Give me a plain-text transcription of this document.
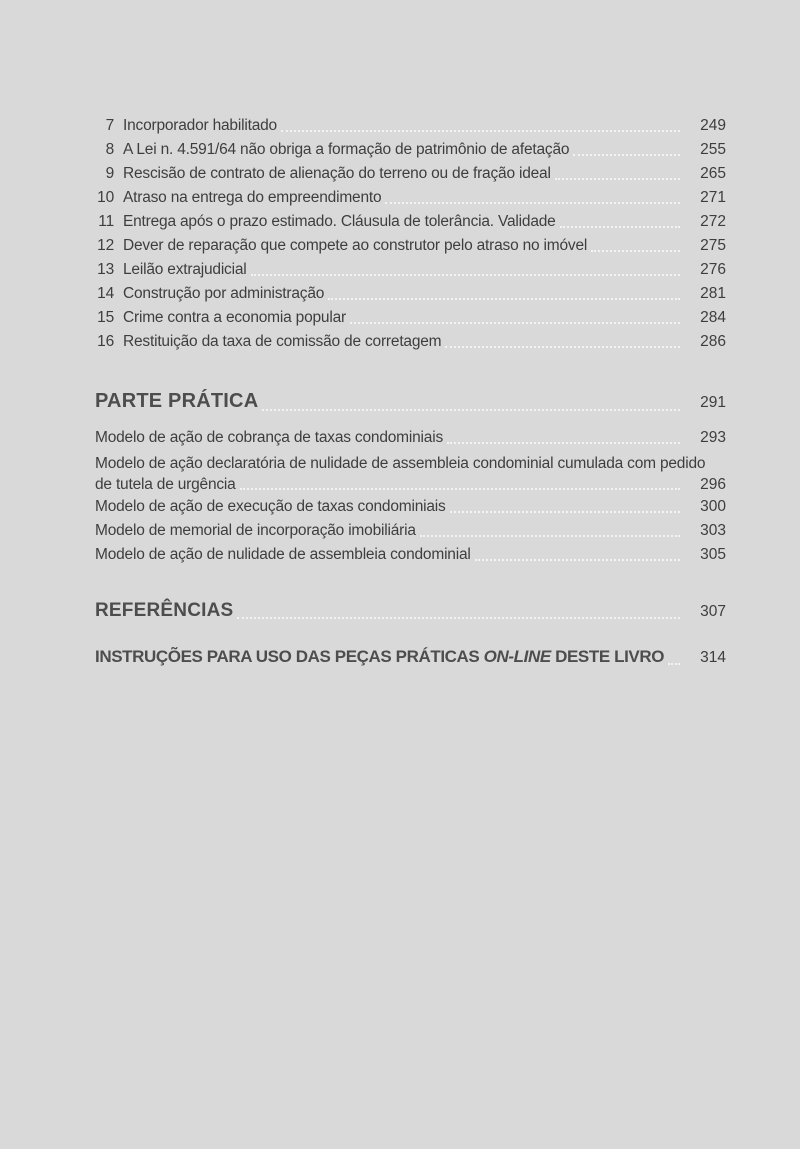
7 Incorporador habilitado	249
8 A Lei n. 4.591/64 não obriga a formação de patrimônio de afetação	255
9 Rescisão de contrato de alienação do terreno ou de fração ideal	265
10 Atraso na entrega do empreendimento	271
11 Entrega após o prazo estimado. Cláusula de tolerância. Validade	272
12 Dever de reparação que compete ao construtor pelo atraso no imóvel	275
13 Leilão extrajudicial	276
14 Construção por administração	281
15 Crime contra a economia popular	284
16 Restituição da taxa de comissão de corretagem	286
PARTE PRÁTICA	291
Modelo de ação de cobrança de taxas condominiais	293
Modelo de ação declaratória de nulidade de assembleia condominial cumulada com pedido
de tutela de urgência	296
Modelo de ação de execução de taxas condominiais	300
Modelo de memorial de incorporação imobiliária	303
Modelo de ação de nulidade de assembleia condominial	305
REFERÊNCIAS	307
INSTRUÇÕES PARA USO DAS PEÇAS PRÁTICAS ON-LINE DESTE LIVRO	314
